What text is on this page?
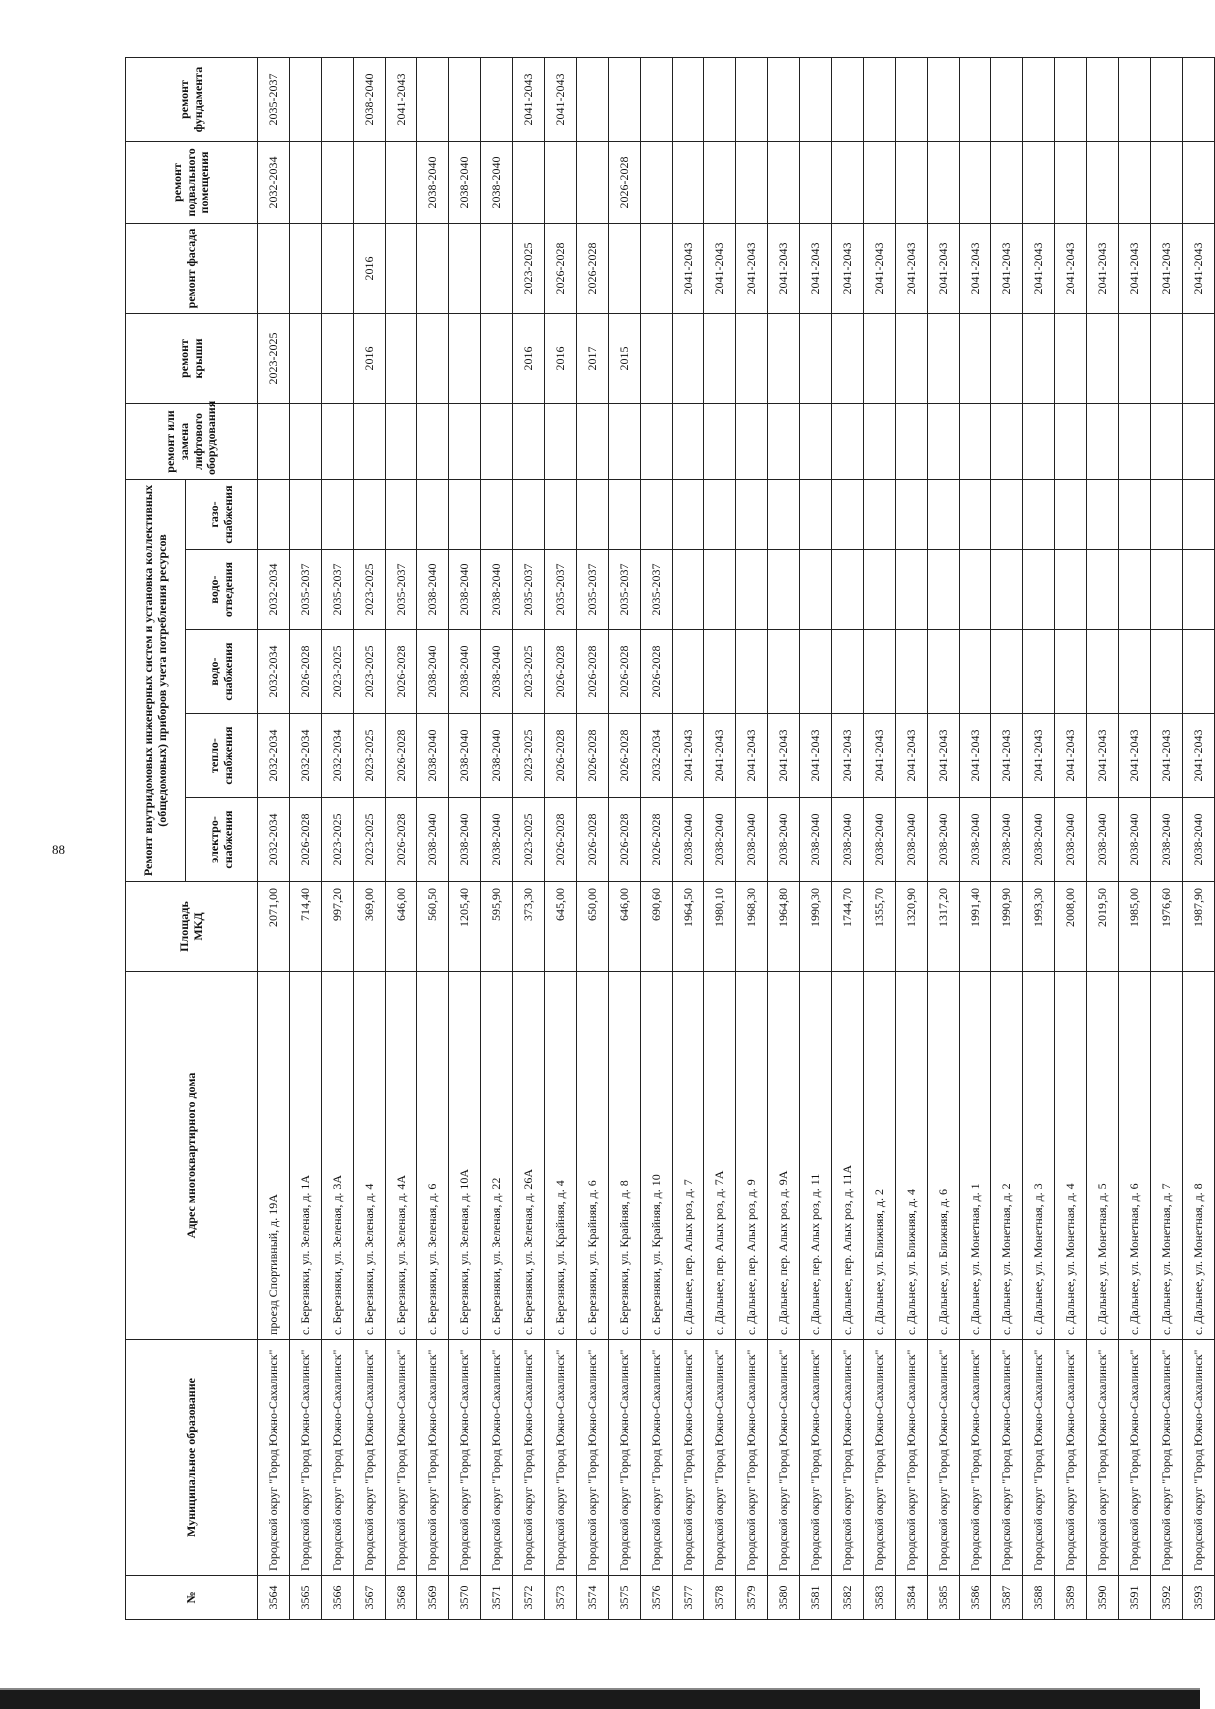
88
№	Муниципальное образование	Адрес многоквартирного дома	Площадь МКД	Ремонт внутридомовых инженерных систем и установка коллективных (общедомовых) приборов учета потребления ресурсов					ремонт или замена лифтового оборудования	ремонт крыши	ремонт фасада	ремонт подвального помещения	ремонт фундамента
				электро-снабжения	тепло-снабжения	водо-снабжения	водо-отведения	газо-снабжения					
3564	Городской округ "Город Южно-Сахалинск"	проезд Спортивный, д. 19А	2071,00	2032-2034	2032-2034	2032-2034	2032-2034			2023-2025		2032-2034	2035-2037
3565	Городской округ "Город Южно-Сахалинск"	с. Березняки, ул. Зеленая, д. 1А	714,40	2026-2028	2032-2034	2026-2028	2035-2037						
3566	Городской округ "Город Южно-Сахалинск"	с. Березняки, ул. Зеленая, д. 3А	997,20	2023-2025	2032-2034	2023-2025	2035-2037						
3567	Городской округ "Город Южно-Сахалинск"	с. Березняки, ул. Зеленая, д. 4	369,00	2023-2025	2023-2025	2023-2025	2023-2025			2016	2016		2038-2040
3568	Городской округ "Город Южно-Сахалинск"	с. Березняки, ул. Зеленая, д. 4А	646,00	2026-2028	2026-2028	2026-2028	2035-2037						2041-2043
3569	Городской округ "Город Южно-Сахалинск"	с. Березняки, ул. Зеленая, д. 6	560,50	2038-2040	2038-2040	2038-2040	2038-2040					2038-2040	
3570	Городской округ "Город Южно-Сахалинск"	с. Березняки, ул. Зеленая, д. 10А	1205,40	2038-2040	2038-2040	2038-2040	2038-2040					2038-2040	
3571	Городской округ "Город Южно-Сахалинск"	с. Березняки, ул. Зеленая, д. 22	595,90	2038-2040	2038-2040	2038-2040	2038-2040					2038-2040	
3572	Городской округ "Город Южно-Сахалинск"	с. Березняки, ул. Зеленая, д. 26А	373,30	2023-2025	2023-2025	2023-2025	2035-2037			2016	2023-2025		2041-2043
3573	Городской округ "Город Южно-Сахалинск"	с. Березняки, ул. Крайняя, д. 4	645,00	2026-2028	2026-2028	2026-2028	2035-2037			2016	2026-2028		2041-2043
3574	Городской округ "Город Южно-Сахалинск"	с. Березняки, ул. Крайняя, д. 6	650,00	2026-2028	2026-2028	2026-2028	2035-2037			2017	2026-2028		
3575	Городской округ "Город Южно-Сахалинск"	с. Березняки, ул. Крайняя, д. 8	646,00	2026-2028	2026-2028	2026-2028	2035-2037			2015		2026-2028	
3576	Городской округ "Город Южно-Сахалинск"	с. Березняки, ул. Крайняя, д. 10	690,60	2026-2028	2032-2034	2026-2028	2035-2037						
3577	Городской округ "Город Южно-Сахалинск"	с. Дальнее, пер. Алых роз, д. 7	1964,50	2038-2040	2041-2043						2041-2043		
3578	Городской округ "Город Южно-Сахалинск"	с. Дальнее, пер. Алых роз, д. 7А	1980,10	2038-2040	2041-2043						2041-2043		
3579	Городской округ "Город Южно-Сахалинск"	с. Дальнее, пер. Алых роз, д. 9	1968,30	2038-2040	2041-2043						2041-2043		
3580	Городской округ "Город Южно-Сахалинск"	с. Дальнее, пер. Алых роз, д. 9А	1964,80	2038-2040	2041-2043						2041-2043		
3581	Городской округ "Город Южно-Сахалинск"	с. Дальнее, пер. Алых роз, д. 11	1990,30	2038-2040	2041-2043						2041-2043		
3582	Городской округ "Город Южно-Сахалинск"	с. Дальнее, пер. Алых роз, д. 11А	1744,70	2038-2040	2041-2043						2041-2043		
3583	Городской округ "Город Южно-Сахалинск"	с. Дальнее, ул. Ближняя, д. 2	1355,70	2038-2040	2041-2043						2041-2043		
3584	Городской округ "Город Южно-Сахалинск"	с. Дальнее, ул. Ближняя, д. 4	1320,90	2038-2040	2041-2043						2041-2043		
3585	Городской округ "Город Южно-Сахалинск"	с. Дальнее, ул. Ближняя, д. 6	1317,20	2038-2040	2041-2043						2041-2043		
3586	Городской округ "Город Южно-Сахалинск"	с. Дальнее, ул. Монетная, д. 1	1991,40	2038-2040	2041-2043						2041-2043		
3587	Городской округ "Город Южно-Сахалинск"	с. Дальнее, ул. Монетная, д. 2	1990,90	2038-2040	2041-2043						2041-2043		
3588	Городской округ "Город Южно-Сахалинск"	с. Дальнее, ул. Монетная, д. 3	1993,30	2038-2040	2041-2043						2041-2043		
3589	Городской округ "Город Южно-Сахалинск"	с. Дальнее, ул. Монетная, д. 4	2008,00	2038-2040	2041-2043						2041-2043		
3590	Городской округ "Город Южно-Сахалинск"	с. Дальнее, ул. Монетная, д. 5	2019,50	2038-2040	2041-2043						2041-2043		
3591	Городской округ "Город Южно-Сахалинск"	с. Дальнее, ул. Монетная, д. 6	1985,00	2038-2040	2041-2043						2041-2043		
3592	Городской округ "Город Южно-Сахалинск"	с. Дальнее, ул. Монетная, д. 7	1976,60	2038-2040	2041-2043						2041-2043		
3593	Городской округ "Город Южно-Сахалинск"	с. Дальнее, ул. Монетная, д. 8	1987,90	2038-2040	2041-2043						2041-2043		
